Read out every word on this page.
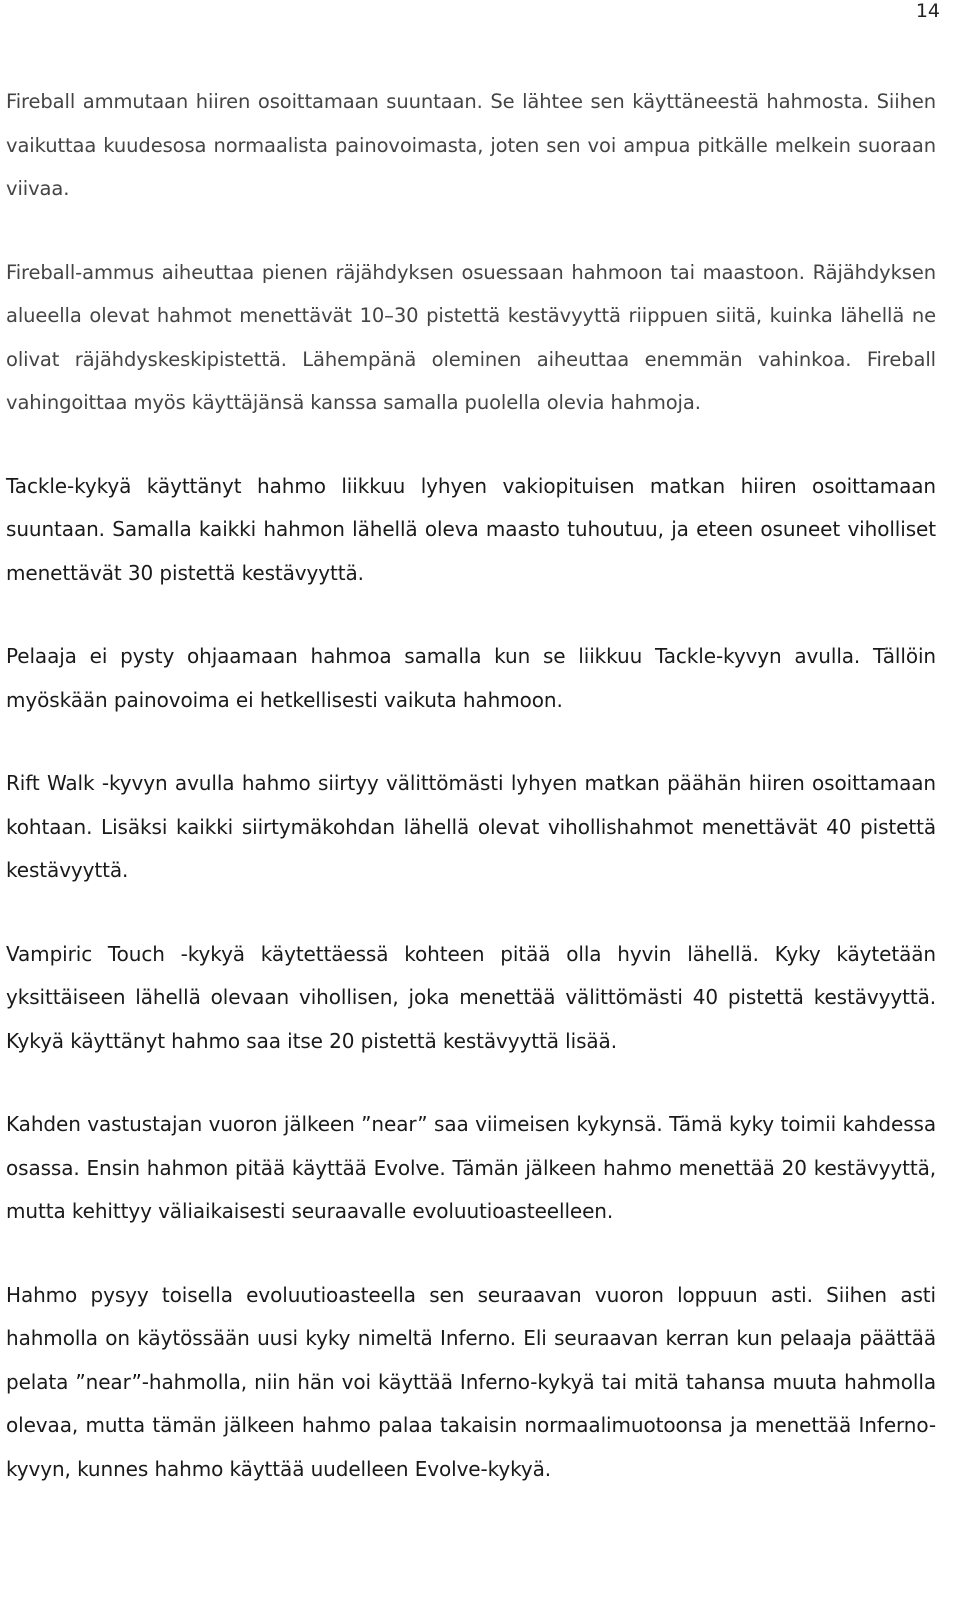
14

Fireball ammutaan hiiren osoittamaan suuntaan. Se lähtee sen käyttäneestä hahmosta. Siihen vaikuttaa kuudesosa normaalista painovoimasta, joten sen voi ampua pitkälle melkein suoraan viivaa.

Fireball-ammus aiheuttaa pienen räjähdyksen osuessaan hahmoon tai maastoon. Räjähdyksen alueella olevat hahmot menettävät 10–30 pistettä kestävyyttä riippuen siitä, kuinka lähellä ne olivat räjähdyskeskipistettä. Lähempänä oleminen aiheuttaa enemmän vahinkoa. Fireball vahingoittaa myös käyttäjänsä kanssa samalla puolella olevia hahmoja.

Tackle-kykyä käyttänyt hahmo liikkuu lyhyen vakiopituisen matkan hiiren osoittamaan suuntaan. Samalla kaikki hahmon lähellä oleva maasto tuhoutuu, ja eteen osuneet viholliset menettävät 30 pistettä kestävyyttä.

Pelaaja ei pysty ohjaamaan hahmoa samalla kun se liikkuu Tackle-kyvyn avulla. Tällöin myöskään painovoima ei hetkellisesti vaikuta hahmoon.

Rift Walk -kyvyn avulla hahmo siirtyy välittömästi lyhyen matkan päähän hiiren osoittamaan kohtaan. Lisäksi kaikki siirtymäkohdan lähellä olevat vihollishahmot menettävät 40 pistettä kestävyyttä.

Vampiric Touch -kykyä käytettäessä kohteen pitää olla hyvin lähellä. Kyky käytetään yksittäiseen lähellä olevaan vihollisen, joka menettää välittömästi 40 pistettä kestävyyttä. Kykyä käyttänyt hahmo saa itse 20 pistettä kestävyyttä lisää.

Kahden vastustajan vuoron jälkeen ”near” saa viimeisen kykynsä. Tämä kyky toimii kahdessa osassa. Ensin hahmon pitää käyttää Evolve. Tämän jälkeen hahmo menettää 20 kestävyyttä, mutta kehittyy väliaikaisesti seuraavalle evoluutioasteelleen.

Hahmo pysyy toisella evoluutioasteella sen seuraavan vuoron loppuun asti. Siihen asti hahmolla on käytössään uusi kyky nimeltä Inferno. Eli seuraavan kerran kun pelaaja päättää pelata ”near”-hahmolla, niin hän voi käyttää Inferno-kykyä tai mitä tahansa muuta hahmolla olevaa, mutta tämän jälkeen hahmo palaa takaisin normaalimuotoonsa ja menettää Inferno-kyvyn, kunnes hahmo käyttää uudelleen Evolve-kykyä.
